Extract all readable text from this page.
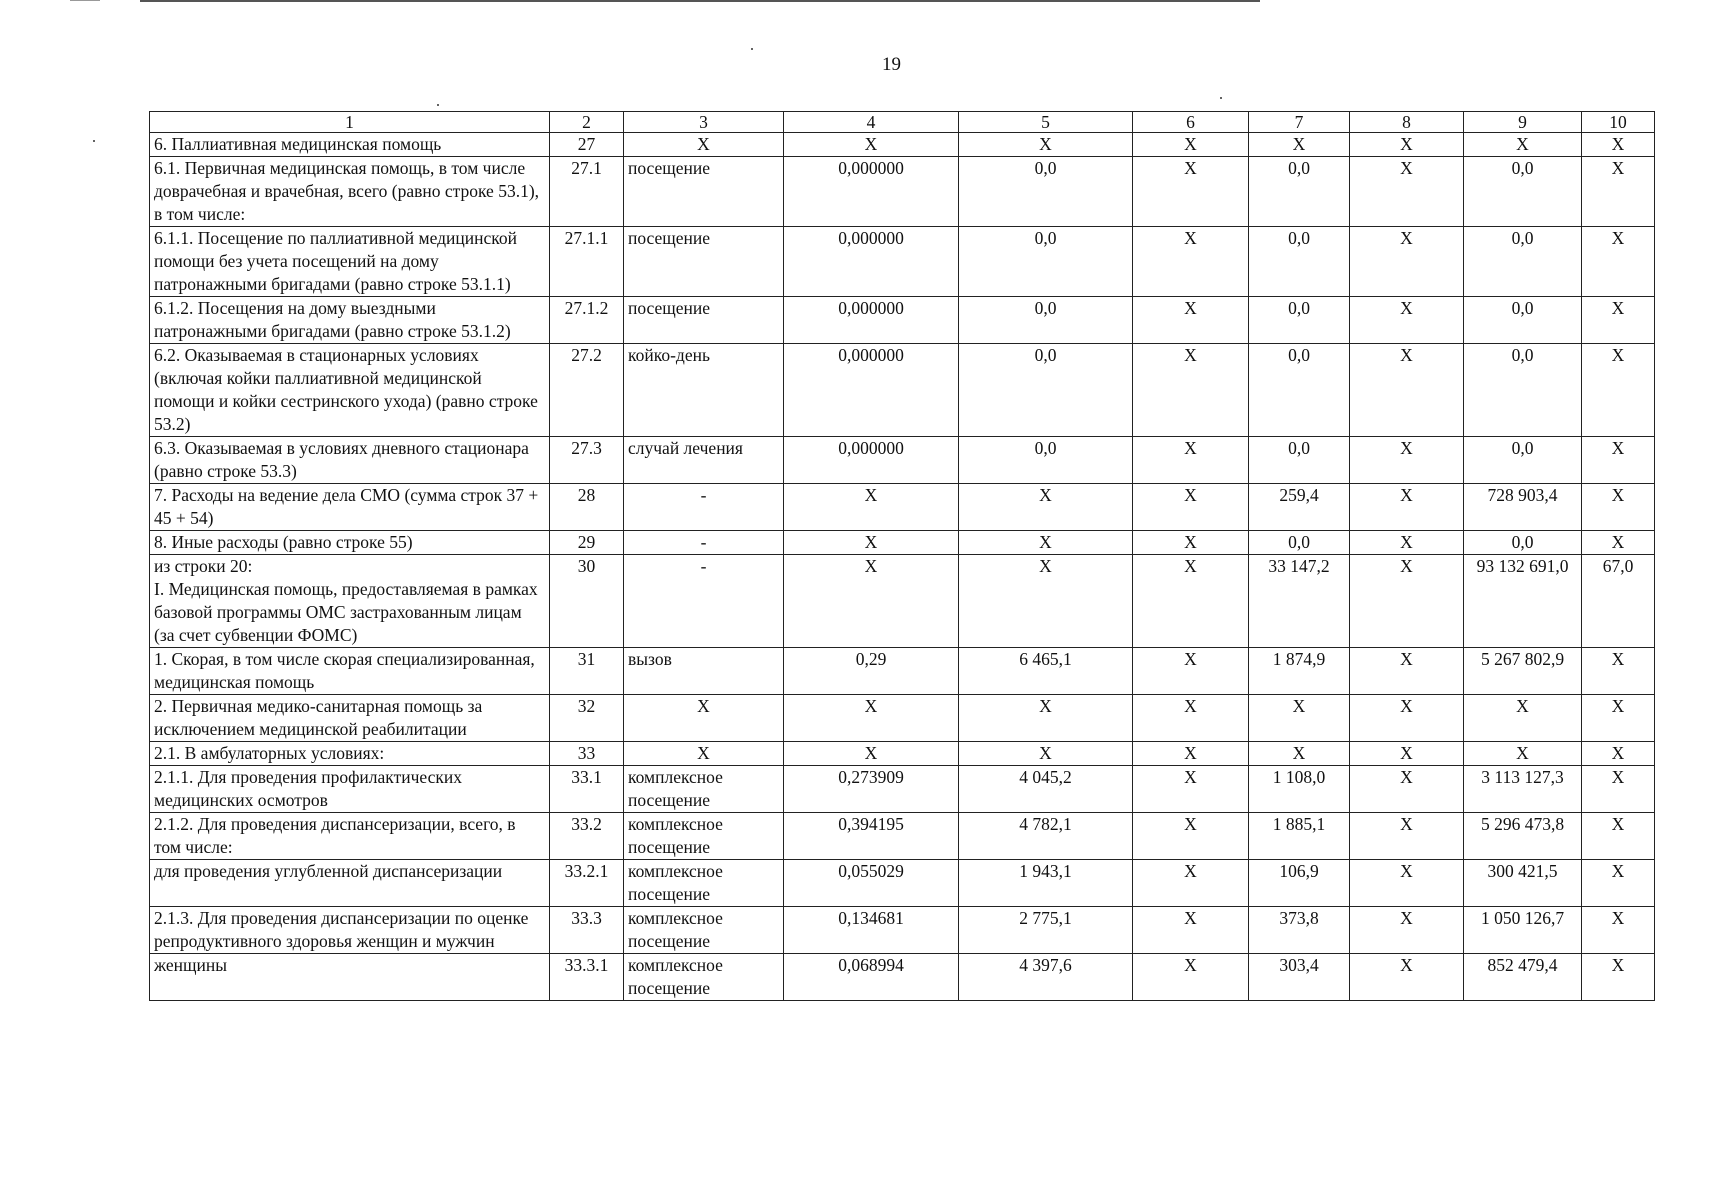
19
1	2	3	4	5	6	7	8	9	10
6. Паллиативная медицинская помощь	27	X	X	X	X	X	X	X	X
6.1. Первичная медицинская помощь, в том числе доврачебная и врачебная, всего (равно строке 53.1), в том числе:	27.1	посещение	0,000000	0,0	X	0,0	X	0,0	X
6.1.1. Посещение по паллиативной медицинской помощи без учета посещений на дому патронажными бригадами (равно строке 53.1.1)	27.1.1	посещение	0,000000	0,0	X	0,0	X	0,0	X
6.1.2. Посещения на дому выездными патронажными бригадами (равно строке 53.1.2)	27.1.2	посещение	0,000000	0,0	X	0,0	X	0,0	X
6.2. Оказываемая в стационарных условиях (включая койки паллиативной медицинской помощи и койки сестринского ухода) (равно строке 53.2)	27.2	койко-день	0,000000	0,0	X	0,0	X	0,0	X
6.3. Оказываемая в условиях дневного стационара (равно строке 53.3)	27.3	случай лечения	0,000000	0,0	X	0,0	X	0,0	X
7. Расходы на ведение дела СМО (сумма строк 37 + 45 + 54)	28	-	X	X	X	259,4	X	728 903,4	X
8. Иные расходы (равно строке 55)	29	-	X	X	X	0,0	X	0,0	X
из строки 20:
I. Медицинская помощь, предоставляемая в рамках базовой программы ОМС застрахованным лицам (за счет субвенции ФОМС)	30	-	X	X	X	33 147,2	X	93 132 691,0	67,0
1. Скорая, в том числе скорая специализированная, медицинская помощь	31	вызов	0,29	6 465,1	X	1 874,9	X	5 267 802,9	X
2. Первичная медико-санитарная помощь за исключением медицинской реабилитации	32	X	X	X	X	X	X	X	X
2.1. В амбулаторных условиях:	33	X	X	X	X	X	X	X	X
2.1.1. Для проведения профилактических медицинских осмотров	33.1	комплексное посещение	0,273909	4 045,2	X	1 108,0	X	3 113 127,3	X
2.1.2. Для проведения диспансеризации, всего, в том числе:	33.2	комплексное посещение	0,394195	4 782,1	X	1 885,1	X	5 296 473,8	X
для проведения углубленной диспансеризации	33.2.1	комплексное посещение	0,055029	1 943,1	X	106,9	X	300 421,5	X
2.1.3. Для проведения диспансеризации по оценке репродуктивного здоровья женщин и мужчин	33.3	комплексное посещение	0,134681	2 775,1	X	373,8	X	1 050 126,7	X
женщины	33.3.1	комплексное посещение	0,068994	4 397,6	X	303,4	X	852 479,4	X
